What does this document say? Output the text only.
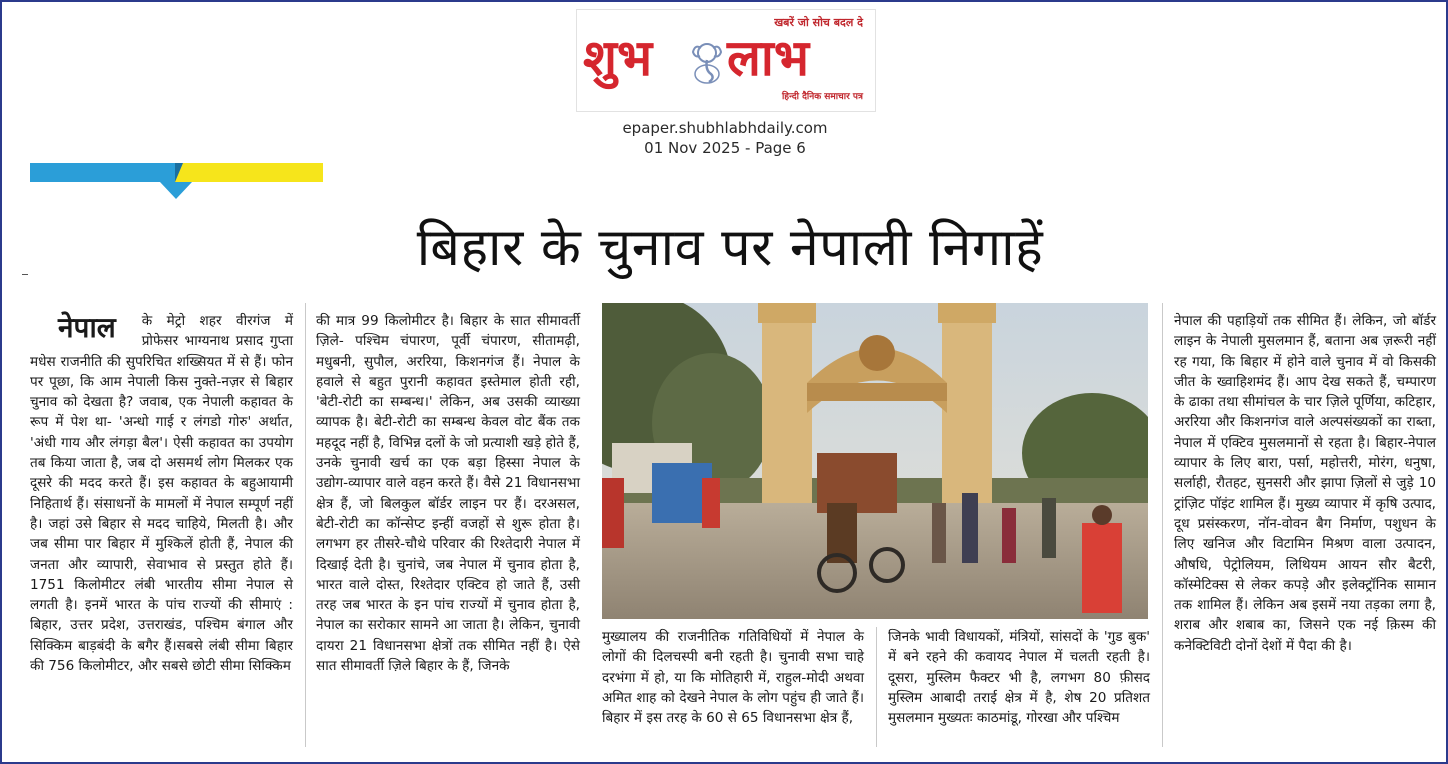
खबरें जो सोच बदल दे
शुभ लाभ
हिन्दी दैनिक समाचार पत्र
epaper.shubhlabhdaily.com
01 Nov 2025 - Page 6
बिहार के चुनाव पर नेपाली निगाहें
नेपाल के मेट्रो शहर वीरगंज में प्रोफेसर भाग्यनाथ प्रसाद गुप्ता मधेस राजनीति की सुपरिचित शख्सियत में से हैं। फोन पर पूछा, कि आम नेपाली किस नुक्ते-नज़र से बिहार चुनाव को देखता है? जवाब, एक नेपाली कहावत के रूप में पेश था- 'अन्धो गाई र लंगडो गोरु' अर्थात, 'अंधी गाय और लंगड़ा बैल'। ऐसी कहावत का उपयोग तब किया जाता है, जब दो असमर्थ लोग मिलकर एक दूसरे की मदद करते हैं। इस कहावत के बहुआयामी निहितार्थ हैं। संसाधनों के मामलों में नेपाल सम्पूर्ण नहीं है। जहां उसे बिहार से मदद चाहिये, मिलती है। और जब सीमा पार बिहार में मुश्किलें होती हैं, नेपाल की जनता और व्यापारी, सेवाभाव से प्रस्तुत होते हैं। 1751 किलोमीटर लंबी भारतीय सीमा नेपाल से लगती है। इनमें भारत के पांच राज्यों की सीमाएं : बिहार, उत्तर प्रदेश, उत्तराखंड, पश्चिम बंगाल और सिक्किम बाड़बंदी के बगैर हैं।सबसे लंबी सीमा बिहार की 756 किलोमीटर, और सबसे छोटी सीमा सिक्किम

की मात्र 99 किलोमीटर है। बिहार के सात सीमावर्ती ज़िले- पश्चिम चंपारण, पूर्वी चंपारण, सीतामढ़ी, मधुबनी, सुपौल, अररिया, किशनगंज हैं। नेपाल के हवाले से बहुत पुरानी कहावत इस्तेमाल होती रही, 'बेटी-रोटी का सम्बन्ध।' लेकिन, अब उसकी व्याख्या व्यापक है। बेटी-रोटी का सम्बन्ध केवल वोट बैंक तक महदूद नहीं है, विभिन्न दलों के जो प्रत्याशी खड़े होते हैं, उनके चुनावी खर्च का एक बड़ा हिस्सा नेपाल के उद्योग-व्यापार वाले वहन करते हैं। वैसे 21 विधानसभा क्षेत्र हैं, जो बिलकुल बॉर्डर लाइन पर हैं। दरअसल, बेटी-रोटी का कॉन्सेप्ट इन्हीं वजहों से शुरू होता है। लगभग हर तीसरे-चौथे परिवार की रिश्तेदारी नेपाल में दिखाई देती है। चुनांचे, जब नेपाल में चुनाव होता है, भारत वाले दोस्त, रिश्तेदार एक्टिव हो जाते हैं, उसी तरह जब भारत के इन पांच राज्यों में चुनाव होता है, नेपाल का सरोकार सामने आ जाता है। लेकिन, चुनावी दायरा 21 विधानसभा क्षेत्रों तक सीमित नहीं है। ऐसे सात सीमावर्ती ज़िले बिहार के हैं, जिनके

मुख्यालय की राजनीतिक गतिविधियों में नेपाल के लोगों की दिलचस्पी बनी रहती है। चुनावी सभा चाहे दरभंगा में हो, या कि मोतिहारी में, राहुल-मोदी अथवा अमित शाह को देखने नेपाल के लोग पहुंच ही जाते हैं। बिहार में इस तरह के 60 से 65 विधानसभा क्षेत्र हैं,

जिनके भावी विधायकों, मंत्रियों, सांसदों के 'गुड बुक' में बने रहने की कवायद नेपाल में चलती रहती है। दूसरा, मुस्लिम फैक्टर भी है, लगभग 80 फ़ीसद मुस्लिम आबादी तराई क्षेत्र में है, शेष 20 प्रतिशत मुसलमान मुख्यतः काठमांडू, गोरखा और पश्चिम

नेपाल की पहाड़ियों तक सीमित हैं। लेकिन, जो बॉर्डर लाइन के नेपाली मुसलमान हैं, बताना अब ज़रूरी नहीं रह गया, कि बिहार में होने वाले चुनाव में वो किसकी जीत के ख्वाहिशमंद हैं। आप देख सकते हैं, चम्पारण के ढाका तथा सीमांचल के चार ज़िले पूर्णिया, कटिहार, अररिया और किशनगंज वाले अल्पसंख्यकों का राब्ता, नेपाल में एक्टिव मुसलमानों से रहता है। बिहार-नेपाल व्यापार के लिए बारा, पर्सा, महोत्तरी, मोरंग, धनुषा, सर्लाही, रौतहट, सुनसरी और झापा ज़िलों से जुड़े 10 ट्रांज़िट पॉइंट शामिल हैं। मुख्य व्यापार में कृषि उत्पाद, दूध प्रसंस्करण, नॉन-वोवन बैग निर्माण, पशुधन के लिए खनिज और विटामिन मिश्रण वाला उत्पादन, औषधि, पेट्रोलियम, लिथियम आयन सौर बैटरी, कॉस्मेटिक्स से लेकर कपड़े और इलेक्ट्रॉनिक सामान तक शामिल हैं। लेकिन अब इसमें नया तड़का लगा है, शराब और शबाब का, जिसने एक नई क़िस्म की कनेक्टिविटी दोनों देशों में पैदा की है।
